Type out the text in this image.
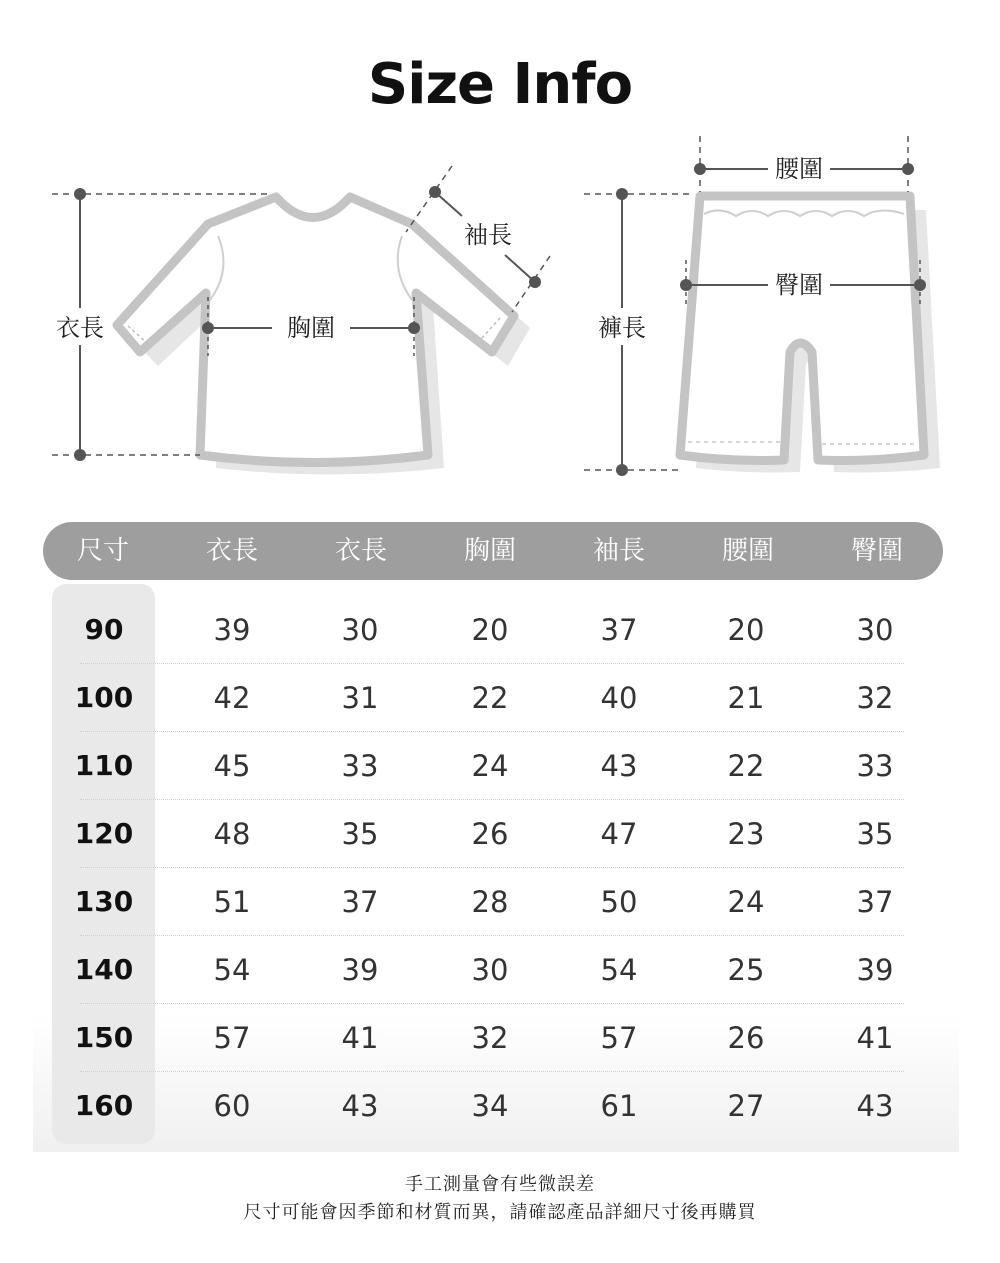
Size Info
衣長	胸圍
袖長
褲長
腰圍
臀圍
尺寸	衣長	衣長	胸圍	袖長	腰圍	臀圍
90	39	30	20	37	20	30
100	42	31	22	40	21	32
110	45	33	24	43	22	33
120	48	35	26	47	23	35
130	51	37	28	50	24	37
140	54	39	30	54	25	39
150	57	41	32	57	26	41
160	60	43	34	61	27	43
手工測量會有些微誤差
尺寸可能會因季節和材質而異，請確認產品詳細尺寸後再購買
